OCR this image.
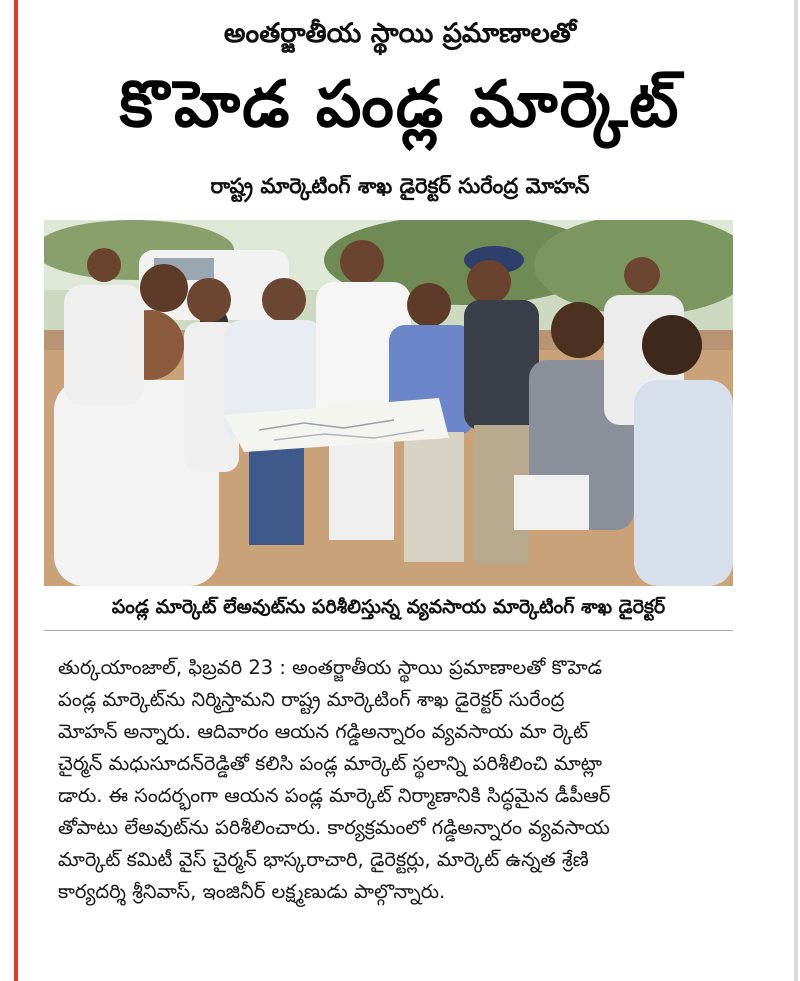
అంతర్జాతీయ స్థాయి ప్రమాణాలతో
కొహెడ పండ్ల మార్కెట్
రాష్ట్ర మార్కెటింగ్ శాఖ డైరెక్టర్ సురేంద్ర మోహన్
పండ్ల మార్కెట్ లేఅవుట్‌ను పరిశీలిస్తున్న వ్యవసాయ మార్కెటింగ్ శాఖ డైరెక్టర్
తుర్కయాంజాల్, ఫిబ్రవరి 23 : అంతర్జాతీయ స్థాయి ప్రమాణాలతో కొహెడ
పండ్ల మార్కెట్‌ను నిర్మిస్తామని రాష్ట్ర మార్కెటింగ్ శాఖ డైరెక్టర్ సురేంద్ర
మోహన్ అన్నారు. ఆదివారం ఆయన గడ్డిఅన్నారం వ్యవసాయ మా ర్కెట్
చైర్మన్ మధుసూదన్‌రెడ్డితో కలిసి పండ్ల మార్కెట్ స్థలాన్ని పరిశీలించి మాట్లా
డారు. ఈ సందర్భంగా ఆయన పండ్ల మార్కెట్ నిర్మాణానికి సిద్ధమైన డీపీఆర్
తోపాటు లేఅవుట్‌ను పరిశీలించారు. కార్యక్రమంలో గడ్డిఅన్నారం వ్యవసాయ
మార్కెట్ కమిటీ వైస్ చైర్మన్ భాస్కరాచారి, డైరెక్టర్లు, మార్కెట్ ఉన్నత శ్రేణి
కార్యదర్శి శ్రీనివాస్, ఇంజినీర్ లక్ష్మణుడు పాల్గొన్నారు.
